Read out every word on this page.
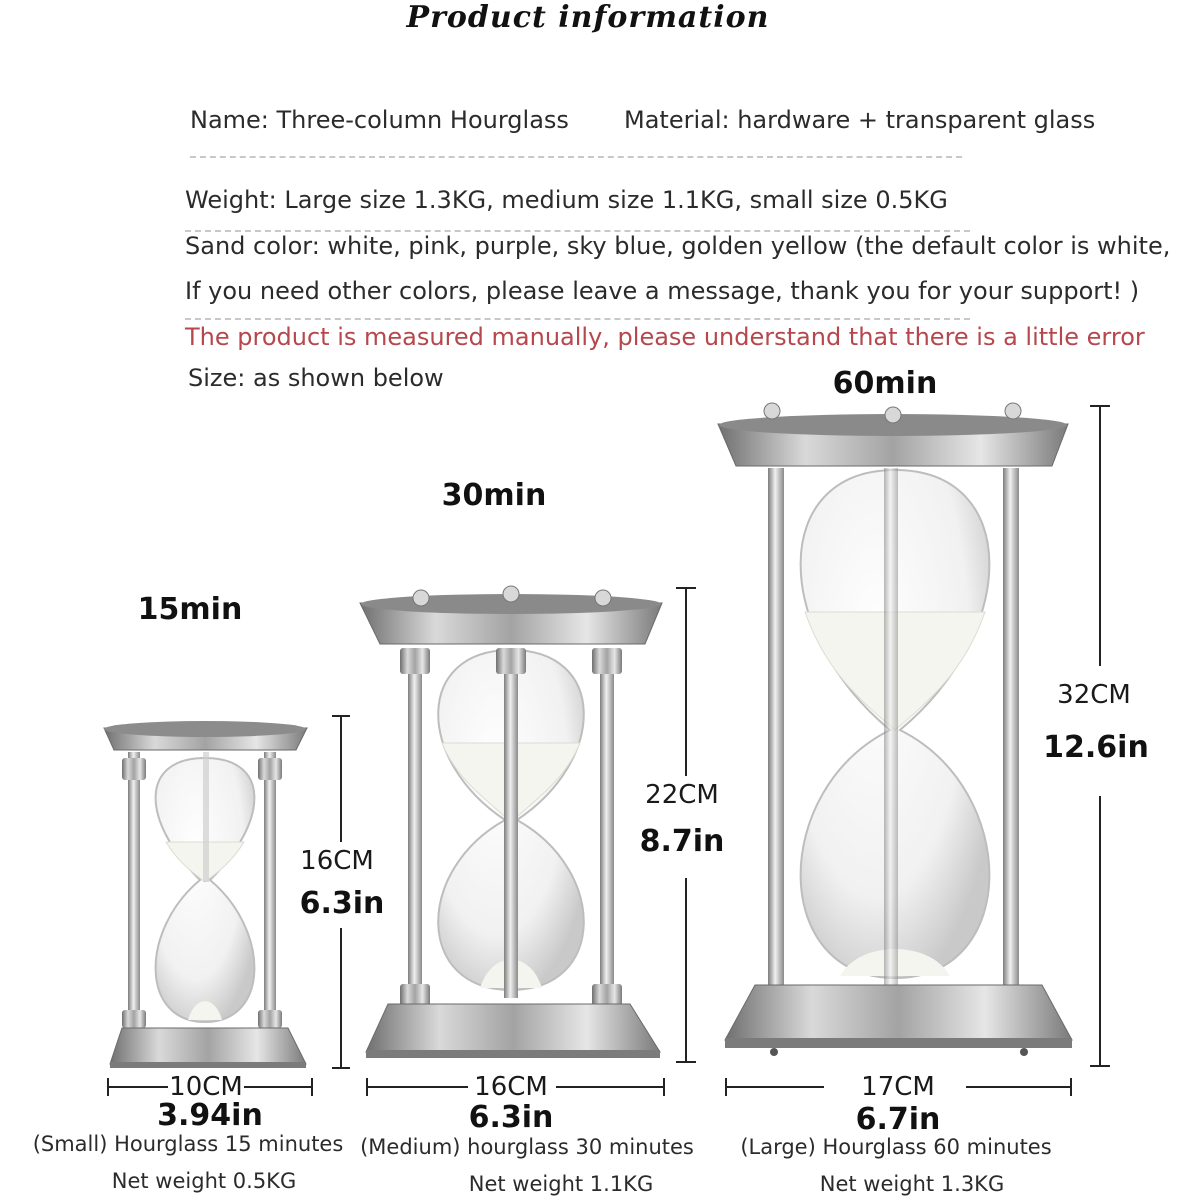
Product information
Name: Three-column Hourglass Material: hardware + transparent glass
Weight: Large size 1.3KG, medium size 1.1KG, small size 0.5KG
Sand color: white, pink, purple, sky blue, golden yellow (the default color is white,
If you need other colors, please leave a message, thank you for your support! )
The product is measured manually, please understand that there is a little error
Size: as shown below
15min
30min
60min
16CM
6.3in
22CM
8.7in
32CM
12.6in
10CM
3.94in
16CM
6.3in
17CM
6.7in
(Small) Hourglass 15 minutes
Net weight 0.5KG
(Medium) hourglass 30 minutes
Net weight 1.1KG
(Large) Hourglass 60 minutes
Net weight 1.3KG
